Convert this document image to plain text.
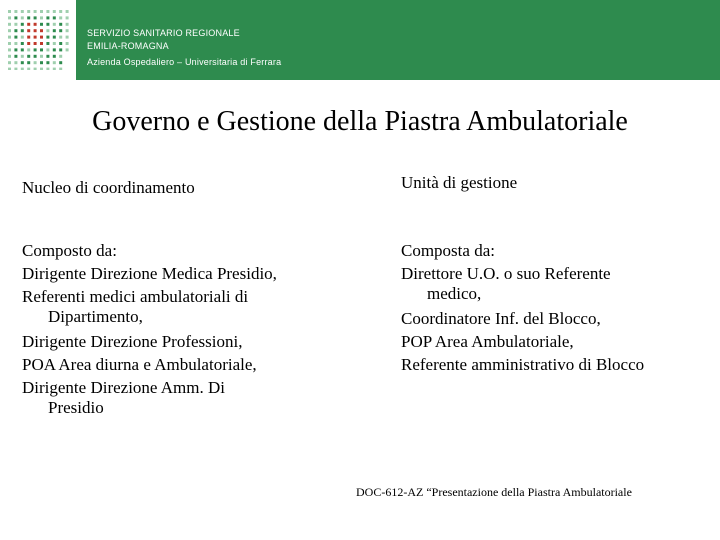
SERVIZIO SANITARIO REGIONALE
EMILIA-ROMAGNA
Azienda Ospedaliero – Universitaria di Ferrara
Governo e Gestione della Piastra Ambulatoriale
Nucleo di coordinamento	Unità di gestione
Composto da:
Dirigente Direzione Medica Presidio,
Referenti medici ambulatoriali di
Dipartimento,
Dirigente Direzione Professioni,
POA Area diurna e Ambulatoriale,
Dirigente Direzione Amm. Di
Presidio
Composta da:
Direttore U.O. o suo Referente
medico,
Coordinatore Inf. del Blocco,
POP Area Ambulatoriale,
Referente amministrativo di Blocco
DOC-612-AZ “Presentazione della Piastra Ambulatoriale
